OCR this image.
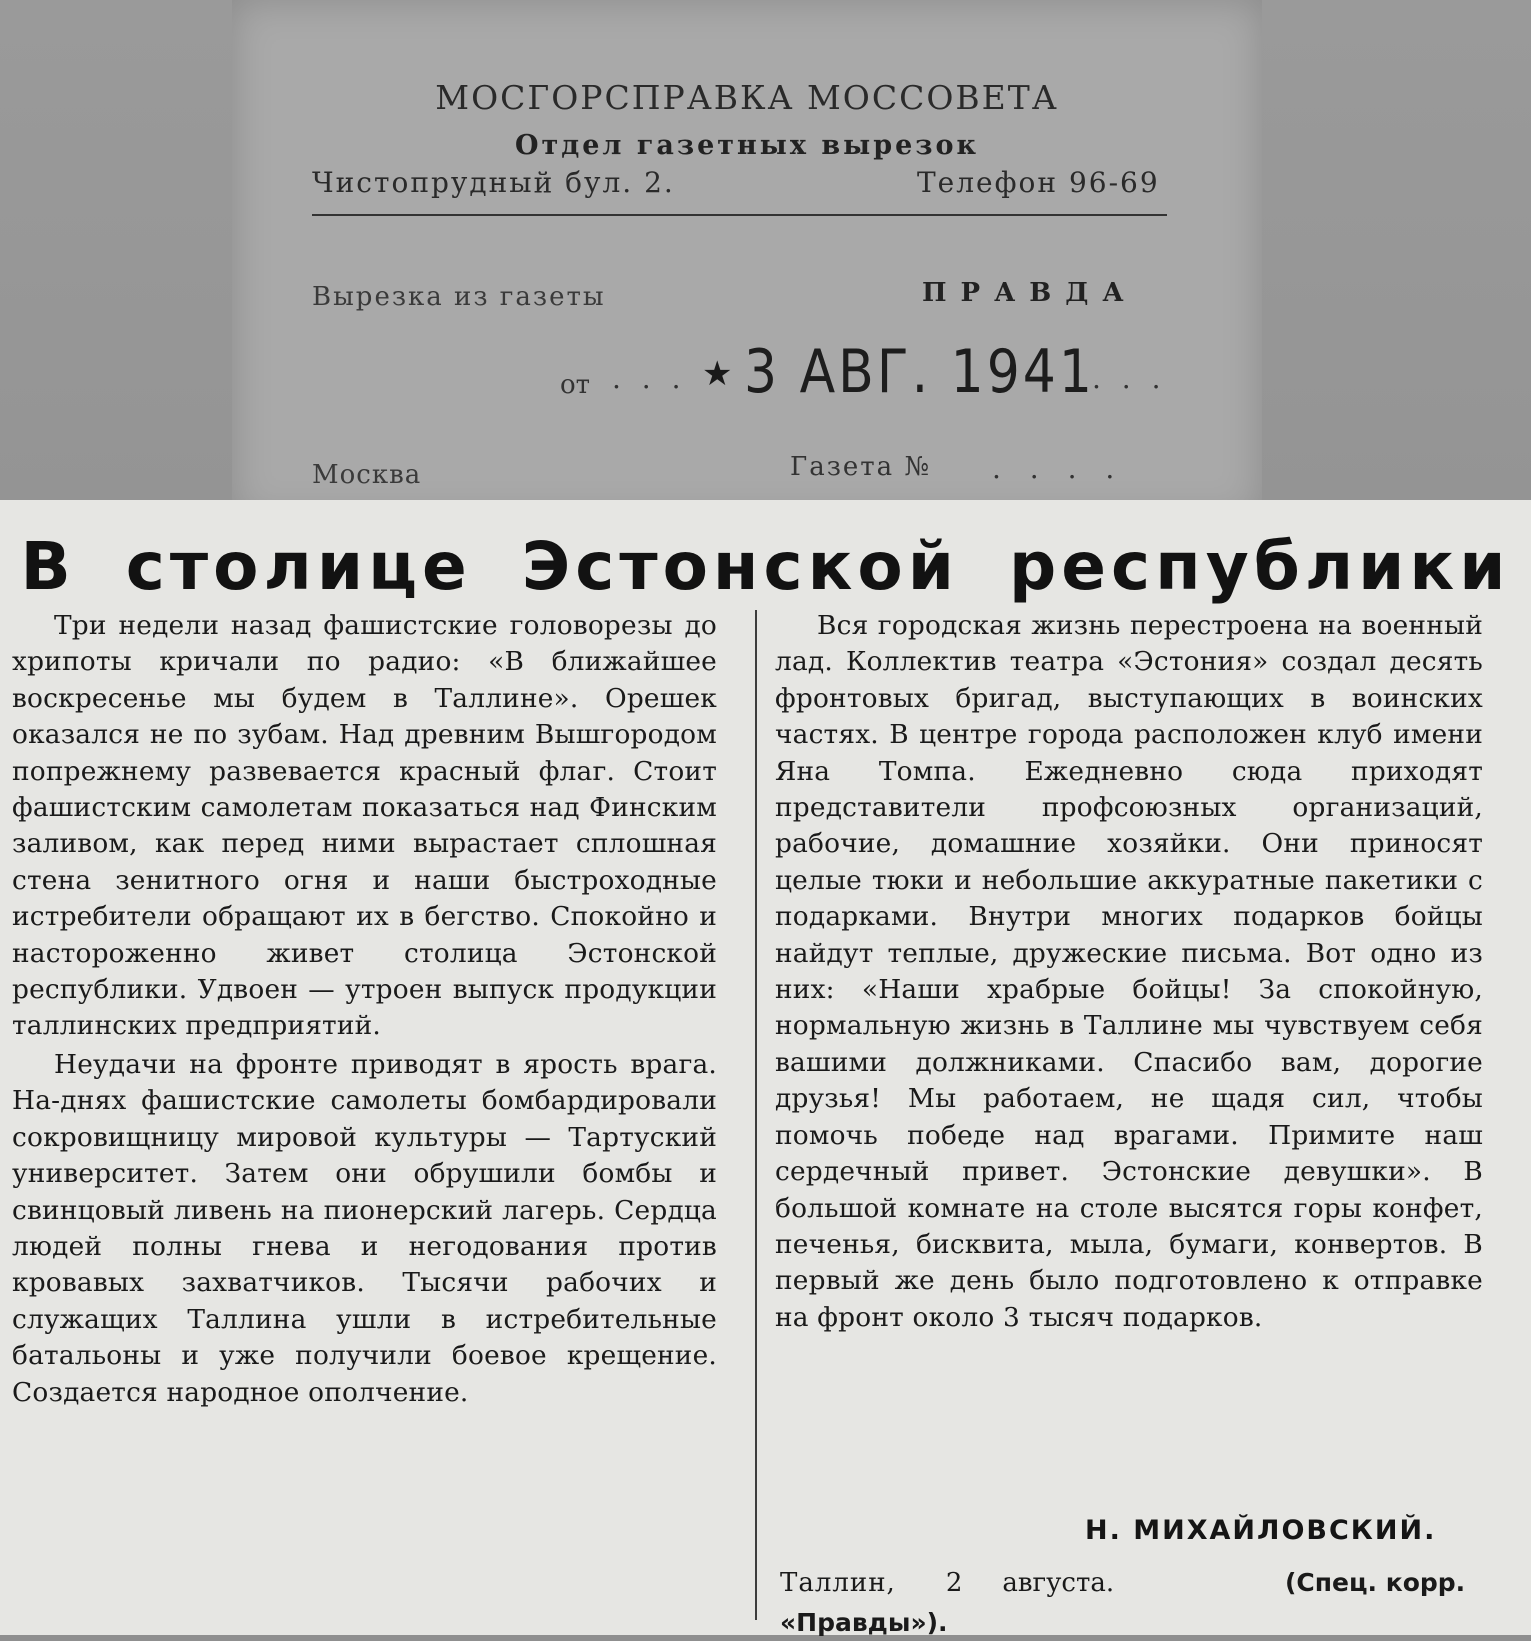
МОСГОРСПРАВКА МОССОВЕТА
Отдел газетных вырезок
Чистопрудный бул. 2.	Телефон 96-69
Вырезка из газеты	ПРАВДА
от . . . ★ 3 АВГ. 1941
. . .
Москва	Газета № . . . .
В столице Эстонской республики

Три недели назад фашистские головорезы до хрипоты кричали по радио: «В ближайшее воскресенье мы будем в Таллине». Орешек оказался не по зубам. Над древним Вышгородом попрежнему развевается красный флаг. Стоит фашистским самолетам показаться над Финским заливом, как перед ними вырастает сплошная стена зенитного огня и наши быстроходные истребители обращают их в бегство. Спокойно и настороженно живет столица Эстонской республики. Удвоен — утроен выпуск продукции таллинских предприятий.

Неудачи на фронте приводят в ярость врага. На-днях фашистские самолеты бомбардировали сокровищницу мировой культуры — Тартуский университет. Затем они обрушили бомбы и свинцовый ливень на пионерский лагерь. Сердца людей полны гнева и негодования против кровавых захватчиков. Тысячи рабочих и служащих Таллина ушли в истребительные батальоны и уже получили боевое крещение. Создается народное ополчение.

Вся городская жизнь перестроена на военный лад. Коллектив театра «Эстония» создал десять фронтовых бригад, выступающих в воинских частях. В центре города расположен клуб имени Яна Томпа. Ежедневно сюда приходят представители профсоюзных организаций, рабочие, домашние хозяйки. Они приносят целые тюки и небольшие аккуратные пакетики с подарками. Внутри многих подарков бойцы найдут теплые, дружеские письма. Вот одно из них: «Наши храбрые бойцы! За спокойную, нормальную жизнь в Таллине мы чувствуем себя вашими должниками. Спасибо вам, дорогие друзья! Мы работаем, не щадя сил, чтобы помочь победе над врагами. Примите наш сердечный привет. Эстонские девушки». В большой комнате на столе высятся горы конфет, печенья, бисквита, мыла, бумаги, конвертов. В первый же день было подготовлено к отправке на фронт около 3 тысяч подарков.

Н. МИХАЙЛОВСКИЙ.
Таллин, 2 августа.	(Спец. корр.
«Правды»).
